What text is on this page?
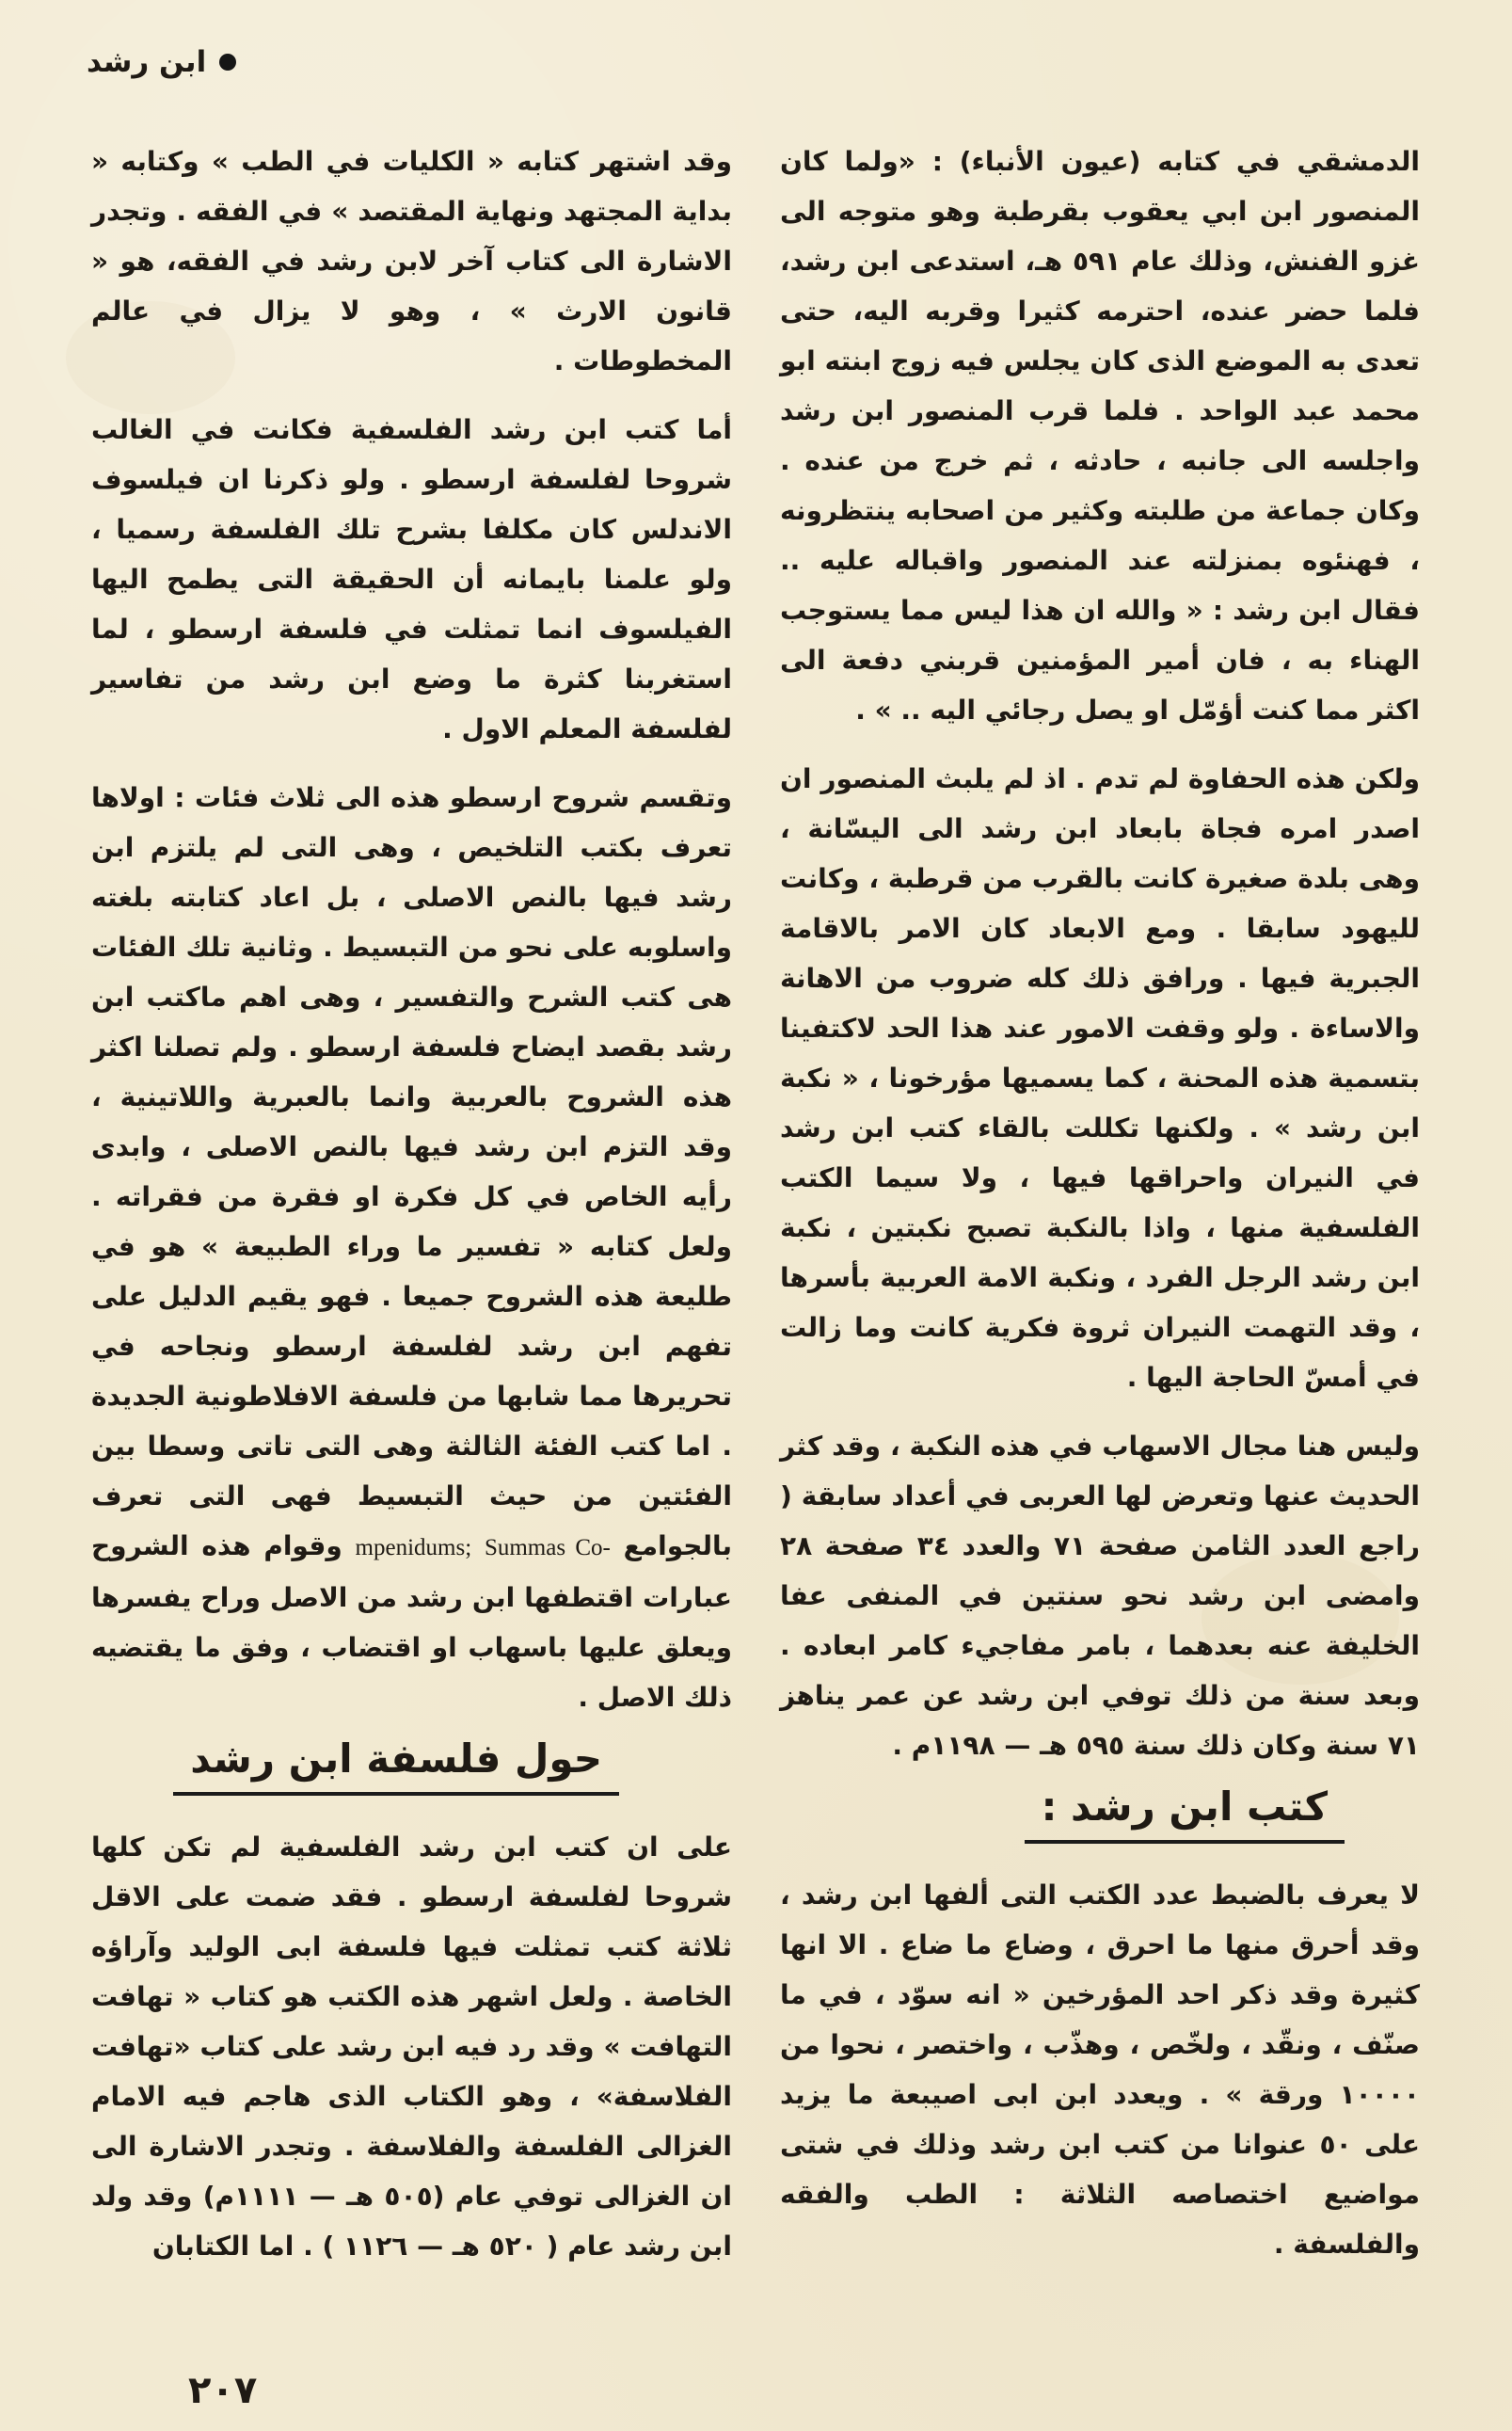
ابن رشد

الدمشقي في كتابه (عيون الأنباء) : «ولما كان المنصور ابن ابي يعقوب بقرطبة وهو متوجه الى غزو الفنش، وذلك عام ٥٩١ هـ، استدعى ابن رشد، فلما حضر عنده، احترمه كثيرا وقربه اليه، حتى تعدى به الموضع الذى كان يجلس فيه زوج ابنته ابو محمد عبد الواحد . فلما قرب المنصور ابن رشد واجلسه الى جانبه ، حادثه ، ثم خرج من عنده . وكان جماعة من طلبته وكثير من اصحابه ينتظرونه ، فهنئوه بمنزلته عند المنصور واقباله عليه .. فقال ابن رشد : « والله ان هذا ليس مما يستوجب الهناء به ، فان أمير المؤمنين قربني دفعة الى اكثر مما كنت أؤمّل او يصل رجائي اليه .. » .

ولكن هذه الحفاوة لم تدم . اذ لم يلبث المنصور ان اصدر امره فجاة بابعاد ابن رشد الى اليسّانة ، وهى بلدة صغيرة كانت بالقرب من قرطبة ، وكانت لليهود سابقا . ومع الابعاد كان الامر بالاقامة الجبرية فيها . ورافق ذلك كله ضروب من الاهانة والاساءة . ولو وقفت الامور عند هذا الحد لاكتفينا بتسمية هذه المحنة ، كما يسميها مؤرخونا ، « نكبة ابن رشد » . ولكنها تكللت بالقاء كتب ابن رشد في النيران واحراقها فيها ، ولا سيما الكتب الفلسفية منها ، واذا بالنكبة تصبح نكبتين ، نكبة ابن رشد الرجل الفرد ، ونكبة الامة العربية بأسرها ، وقد التهمت النيران ثروة فكرية كانت وما زالت في أمسّ الحاجة اليها .

وليس هنا مجال الاسهاب في هذه النكبة ، وقد كثر الحديث عنها وتعرض لها العربى في أعداد سابقة ( راجع العدد الثامن صفحة ٧١ والعدد ٣٤ صفحة ٢٨ وامضى ابن رشد نحو سنتين في المنفى عفا الخليفة عنه بعدهما ، بامر مفاجيء كامر ابعاده . وبعد سنة من ذلك توفي ابن رشد عن عمر يناهز ٧١ سنة وكان ذلك سنة ٥٩٥ هـ — ١١٩٨م .

كتب ابن رشد :

لا يعرف بالضبط عدد الكتب التى ألفها ابن رشد ، وقد أحرق منها ما احرق ، وضاع ما ضاع . الا انها كثيرة وقد ذكر احد المؤرخين « انه سوّد ، في ما صنّف ، ونقّد ، ولخّص ، وهذّب ، واختصر ، نحوا من ١٠٠٠٠ ورقة » . ويعدد ابن ابى اصيبعة ما يزيد على ٥٠ عنوانا من كتب ابن رشد وذلك في شتى مواضيع اختصاصه الثلاثة : الطب والفقه والفلسفة .

وقد اشتهر كتابه « الكليات في الطب » وكتابه « بداية المجتهد ونهاية المقتصد » في الفقه . وتجدر الاشارة الى كتاب آخر لابن رشد في الفقه، هو « قانون الارث » ، وهو لا يزال في عالم المخطوطات .

أما كتب ابن رشد الفلسفية فكانت في الغالب شروحا لفلسفة ارسطو . ولو ذكرنا ان فيلسوف الاندلس كان مكلفا بشرح تلك الفلسفة رسميا ، ولو علمنا بايمانه أن الحقيقة التى يطمح اليها الفيلسوف انما تمثلت في فلسفة ارسطو ، لما استغربنا كثرة ما وضع ابن رشد من تفاسير لفلسفة المعلم الاول .

وتقسم شروح ارسطو هذه الى ثلاث فئات : اولاها تعرف بكتب التلخيص ، وهى التى لم يلتزم ابن رشد فيها بالنص الاصلى ، بل اعاد كتابته بلغته واسلوبه على نحو من التبسيط . وثانية تلك الفئات هى كتب الشرح والتفسير ، وهى اهم ماكتب ابن رشد بقصد ايضاح فلسفة ارسطو . ولم تصلنا اكثر هذه الشروح بالعربية وانما بالعبرية واللاتينية ، وقد التزم ابن رشد فيها بالنص الاصلى ، وابدى رأيه الخاص في كل فكرة او فقرة من فقراته . ولعل كتابه « تفسير ما وراء الطبيعة » هو في طليعة هذه الشروح جميعا . فهو يقيم الدليل على تفهم ابن رشد لفلسفة ارسطو ونجاحه في تحريرها مما شابها من فلسفة الافلاطونية الجديدة . اما كتب الفئة الثالثة وهى التى تاتى وسطا بين الفئتين من حيث التبسيط فهى التى تعرف بالجوامع Summas Co- mpenidums; وقوام هذه الشروح عبارات اقتطفها ابن رشد من الاصل وراح يفسرها ويعلق عليها باسهاب او اقتضاب ، وفق ما يقتضيه ذلك الاصل .

حول فلسفة ابن رشد

على ان كتب ابن رشد الفلسفية لم تكن كلها شروحا لفلسفة ارسطو . فقد ضمت على الاقل ثلاثة كتب تمثلت فيها فلسفة ابى الوليد وآراؤه الخاصة . ولعل اشهر هذه الكتب هو كتاب « تهافت التهافت » وقد رد فيه ابن رشد على كتاب «تهافت الفلاسفة» ، وهو الكتاب الذى هاجم فيه الامام الغزالى الفلسفة والفلاسفة . وتجدر الاشارة الى ان الغزالى توفي عام (٥٠٥ هـ — ١١١١م) وقد ولد ابن رشد عام ( ٥٢٠ هـ — ١١٢٦ ) . اما الكتابان

٢٠٧
